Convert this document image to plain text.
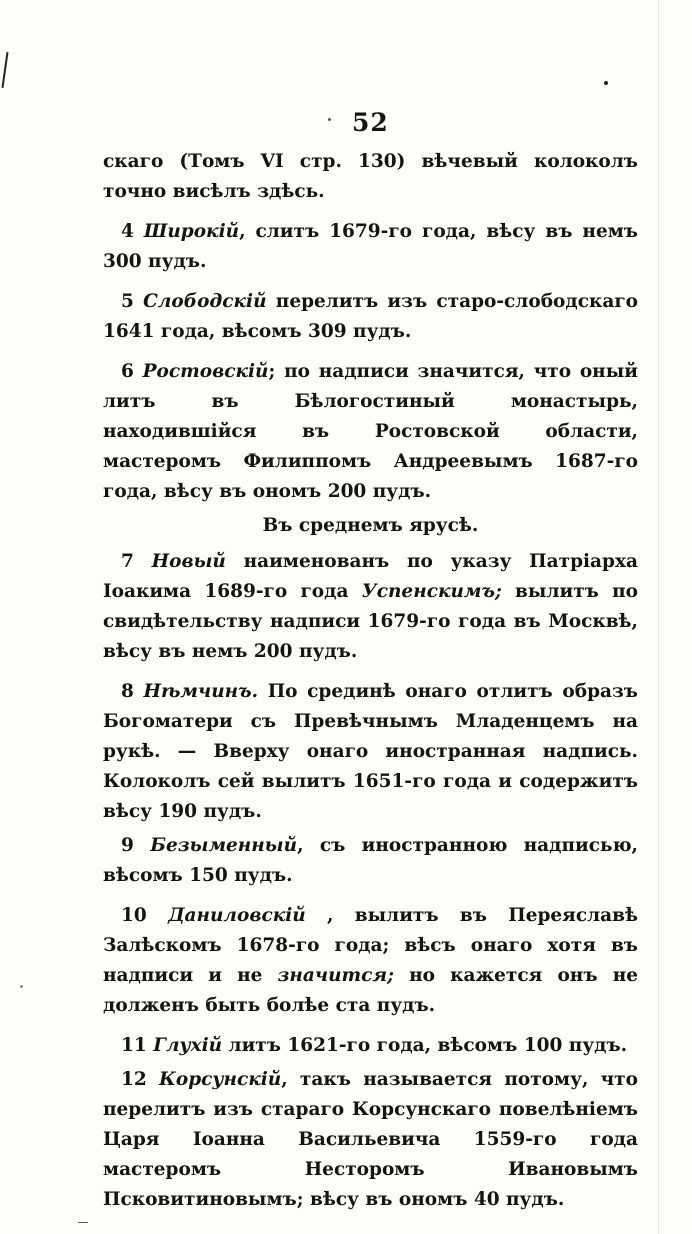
52

скаго (Томъ VI стр. 130) вѣчевый колоколъ точно висѣлъ здѣсь.

4 Широкій, слитъ 1679-го года, вѣсу въ немъ 300 пудъ.

5 Слободскій перелитъ изъ старо-слободскаго 1641 года, вѣсомъ 309 пудъ.

6 Ростовскій; по надписи значится, что оный литъ въ Бѣлогостиный монастырь, находившійся въ Ростовской области, мастеромъ Филиппомъ Андреевымъ 1687-го года, вѣсу въ ономъ 200 пудъ.

Въ среднемъ ярусѣ.

7 Новый наименованъ по указу Патріарха Іоакима 1689-го года Успенскимъ; вылитъ по свидѣтельству надписи 1679-го года въ Москвѣ, вѣсу въ немъ 200 пудъ.

8 Нѣмчинъ. По срединѣ онаго отлитъ образъ Богоматери съ Превѣчнымъ Младенцемъ на рукѣ. — Вверху онаго иностранная надпись. Колоколъ сей вылитъ 1651-го года и содержитъ вѣсу 190 пудъ.

9 Безыменный, съ иностранною надписью, вѣсомъ 150 пудъ.

10 Даниловскій , вылитъ въ Переяславѣ Залѣскомъ 1678-го года; вѣсъ онаго хотя въ надписи и не значится; но кажется онъ не долженъ быть болѣе ста пудъ.

11 Глухій литъ 1621-го года, вѣсомъ 100 пудъ.

12 Корсунскій, такъ называется потому, что перелитъ изъ стараго Корсунскаго повелѣніемъ Царя Іоанна Васильевича 1559-го года мастеромъ Несторомъ Ивановымъ Псковитиновымъ; вѣсу въ ономъ 40 пудъ.
